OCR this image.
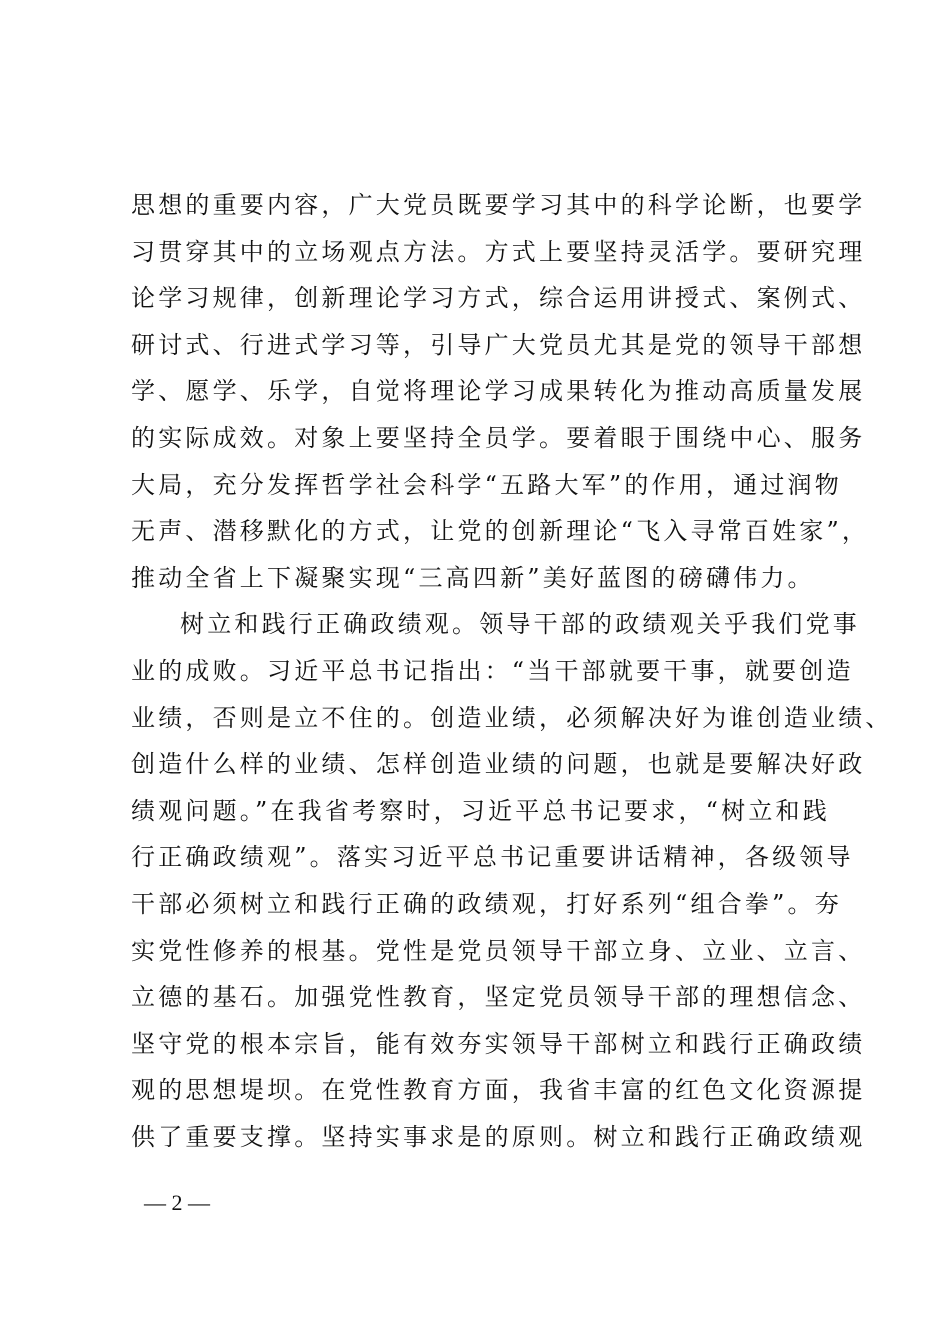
思想的重要内容，广大党员既要学习其中的科学论断，也要学
习贯穿其中的立场观点方法。方式上要坚持灵活学。要研究理
论学习规律，创新理论学习方式，综合运用讲授式、案例式、
研讨式、行进式学习等，引导广大党员尤其是党的领导干部想
学、愿学、乐学，自觉将理论学习成果转化为推动高质量发展
的实际成效。对象上要坚持全员学。要着眼于围绕中心、服务
大局，充分发挥哲学社会科学“五路大军”的作用，通过润物
无声、潜移默化的方式，让党的创新理论“飞入寻常百姓家”，
推动全省上下凝聚实现“三高四新”美好蓝图的磅礴伟力。
树立和践行正确政绩观。领导干部的政绩观关乎我们党事
业的成败。习近平总书记指出：“当干部就要干事，就要创造
业绩，否则是立不住的。创造业绩，必须解决好为谁创造业绩、
创造什么样的业绩、怎样创造业绩的问题，也就是要解决好政
绩观问题。”在我省考察时，习近平总书记要求，“树立和践
行正确政绩观”。落实习近平总书记重要讲话精神，各级领导
干部必须树立和践行正确的政绩观，打好系列“组合拳”。夯
实党性修养的根基。党性是党员领导干部立身、立业、立言、
立德的基石。加强党性教育，坚定党员领导干部的理想信念、
坚守党的根本宗旨，能有效夯实领导干部树立和践行正确政绩
观的思想堤坝。在党性教育方面，我省丰富的红色文化资源提
供了重要支撑。坚持实事求是的原则。树立和践行正确政绩观
— 2 —
